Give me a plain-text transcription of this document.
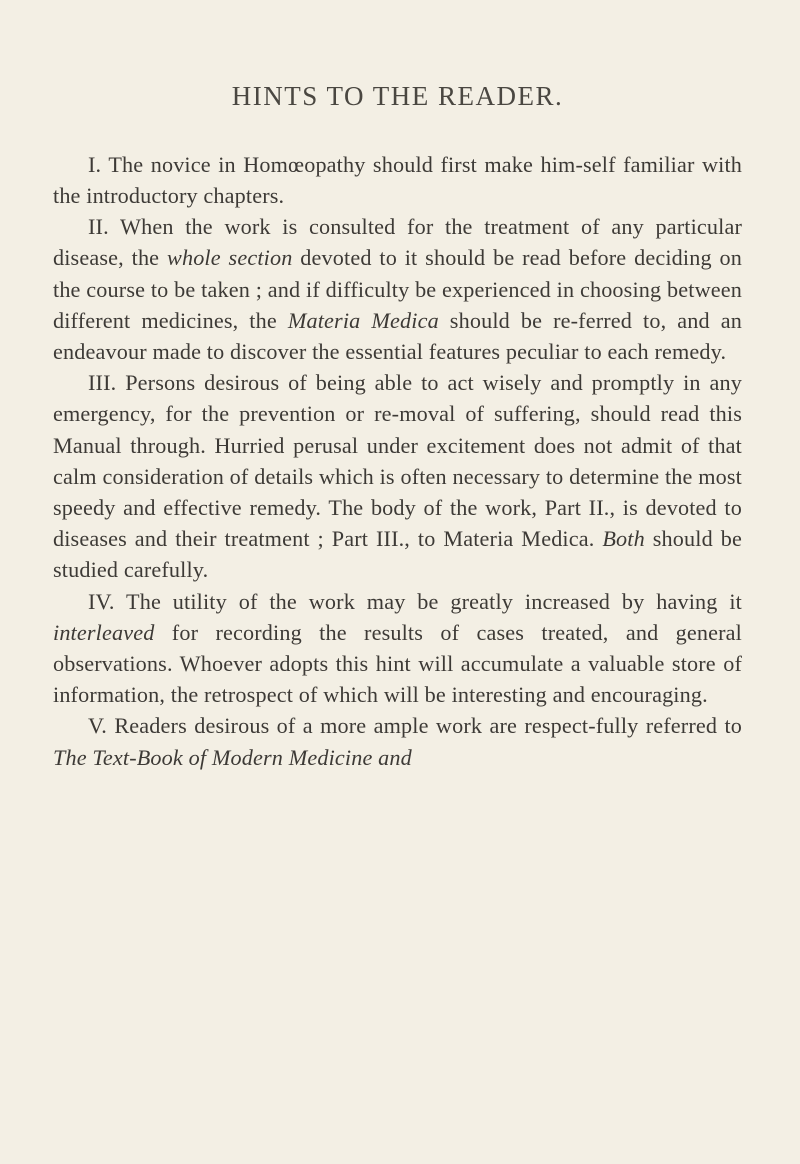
HINTS TO THE READER.

I. The novice in Homœopathy should first make him-self familiar with the introductory chapters.

II. When the work is consulted for the treatment of any particular disease, the whole section devoted to it should be read before deciding on the course to be taken ; and if difficulty be experienced in choosing between different medicines, the Materia Medica should be re-ferred to, and an endeavour made to discover the essential features peculiar to each remedy.

III. Persons desirous of being able to act wisely and promptly in any emergency, for the prevention or re-moval of suffering, should read this Manual through. Hurried perusal under excitement does not admit of that calm consideration of details which is often necessary to determine the most speedy and effective remedy. The body of the work, Part II., is devoted to diseases and their treatment ; Part III., to Materia Medica. Both should be studied carefully.

IV. The utility of the work may be greatly increased by having it interleaved for recording the results of cases treated, and general observations. Whoever adopts this hint will accumulate a valuable store of information, the retrospect of which will be interesting and encouraging.

V. Readers desirous of a more ample work are respect-fully referred to The Text-Book of Modern Medicine and
